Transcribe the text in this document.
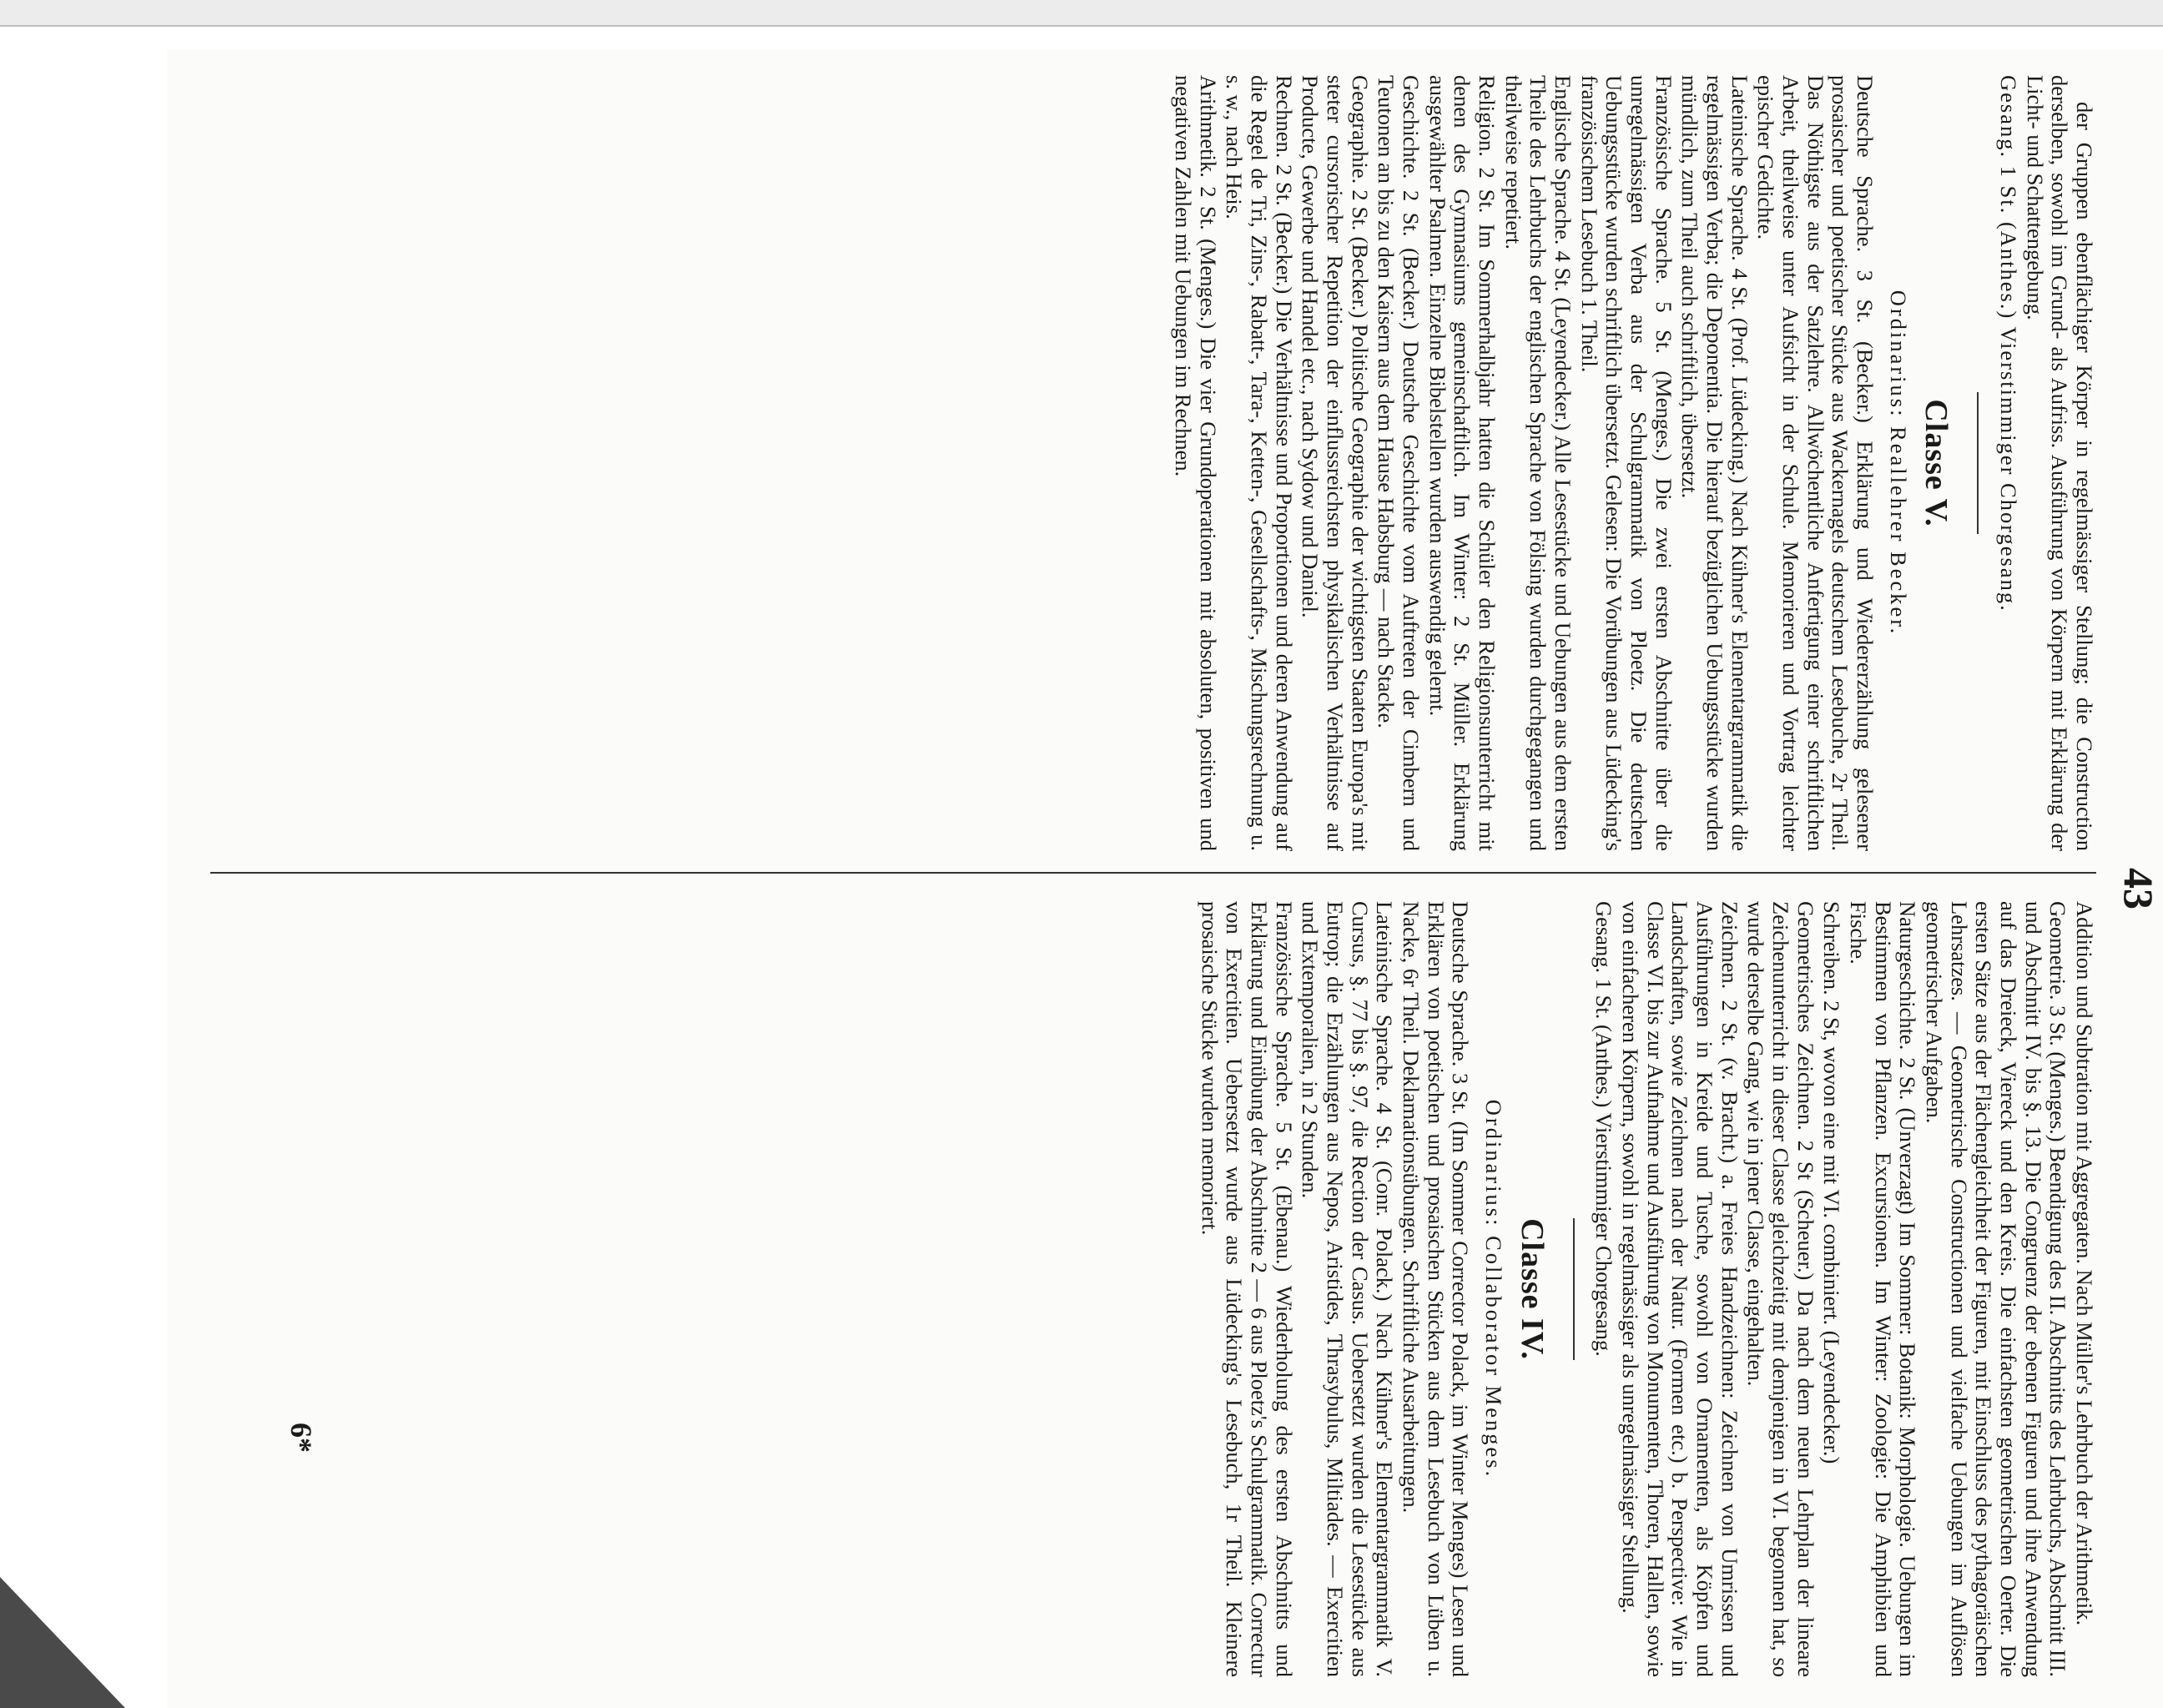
43

der Gruppen ebenflächiger Körper in regelmässiger Stellung; die Construction derselben, sowohl im Grund- als Aufriss. Ausführung von Körpern mit Erklärung der Licht- und Schattengebung.

Gesang. 1 St. (Anthes.) Vierstimmiger Chorgesang.

Classe V.
Ordinarius: Reallehrer Becker.

Deutsche Sprache. 3 St. (Becker.) Erklärung und Wiedererzählung gelesener prosaischer und poetischer Stücke aus Wackernagels deutschem Lesebuche, 2r Theil. Das Nöthigste aus der Satzlehre. Allwöchentliche Anfertigung einer schriftlichen Arbeit, theilweise unter Aufsicht in der Schule. Memorieren und Vortrag leichter epischer Gedichte.

Lateinische Sprache. 4 St. (Prof. Lüdecking.) Nach Kühner's Elementargrammatik die regelmässigen Verba; die Deponentia. Die hierauf bezüglichen Uebungsstücke wurden mündlich, zum Theil auch schriftlich, übersetzt.

Französische Sprache. 5 St. (Menges.) Die zwei ersten Abschnitte über die unregelmässigen Verba aus der Schulgrammatik von Ploetz. Die deutschen Uebungsstücke wurden schriftlich übersetzt. Gelesen: Die Vorübungen aus Lüdecking's französischem Lesebuch 1. Theil.

Englische Sprache. 4 St. (Leyendecker.) Alle Lesestücke und Uebungen aus dem ersten Theile des Lehrbuchs der englischen Sprache von Fölsing wurden durchgegangen und theilweise repetiert.

Religion. 2 St. Im Sommerhalbjahr hatten die Schüler den Religionsunterricht mit denen des Gymnasiums gemeinschaftlich. Im Winter: 2 St. Müller. Erklärung ausgewählter Psalmen. Einzelne Bibelstellen wurden auswendig gelernt.

Geschichte. 2 St. (Becker.) Deutsche Geschichte vom Auftreten der Cimbern und Teutonen an bis zu den Kaisern aus dem Hause Habsburg — nach Stacke.

Geographie. 2 St. (Becker.) Politische Geographie der wichtigsten Staaten Europa's mit steter cursorischer Repetition der einflussreichsten physikalischen Verhältnisse auf Producte, Gewerbe und Handel etc., nach Sydow und Daniel.

Rechnen. 2 St. (Becker.) Die Verhältnisse und Proportionen und deren Anwendung auf die Regel de Tri, Zins-, Rabatt-, Tara-, Ketten-, Gesellschafts-, Mischungsrechnung u. s. w., nach Heis.

Arithmetik. 2 St. (Menges.) Die vier Grundoperationen mit absoluten, positiven und negativen Zahlen mit Uebungen im Rechnen.

Addition und Subtration mit Aggregaten. Nach Müller's Lehrbuch der Arithmetik.

Geometrie. 3 St. (Menges.) Beendigung des II. Abschnitts des Lehrbuchs, Abschnitt III. und Abschnitt IV. bis §. 13. Die Congruenz der ebenen Figuren und ihre Anwendung auf das Dreieck, Viereck und den Kreis. Die einfachsten geometrischen Oerter. Die ersten Sätze aus der Flächengleichheit der Figuren, mit Einschluss des pythagoräischen Lehrsatzes. — Geometrische Constructionen und vielfache Uebungen im Auflösen geometrischer Aufgaben.

Naturgeschichte. 2 St. (Unverzagt) Im Sommer: Botanik: Morphologie. Uebungen im Bestimmen von Pflanzen. Excursionen. Im Winter: Zoologie: Die Amphibien und Fische.

Schreiben. 2 St, wovon eine mit VI. combiniert. (Leyendecker.)

Geometrisches Zeichnen. 2 St (Scheuer.) Da nach dem neuen Lehrplan der lineare Zeichenunterricht in dieser Classe gleichzeitig mit demjenigen in VI. begonnen hat, so wurde derselbe Gang, wie in jener Classe, eingehalten.

Zeichnen. 2 St. (v. Bracht.) a. Freies Handzeichnen: Zeichnen von Umrissen und Ausführungen in Kreide und Tusche, sowohl von Ornamenten, als Köpfen und Landschaften, sowie Zeichnen nach der Natur. (Formen etc.) b. Perspective: Wie in Classe VI. bis zur Aufnahme und Ausführung von Monumenten, Thoren, Hallen, sowie von einfacheren Körpern, sowohl in regelmässiger als unregelmässiger Stellung.

Gesang. 1 St. (Anthes.) Vierstimmiger Chorgesang.

Classe IV.
Ordinarius: Collaborator Menges.

Deutsche Sprache. 3 St. (Im Sommer Corrector Polack, im Winter Menges) Lesen und Erklären von poetischen und prosaischen Stücken aus dem Lesebuch von Lüben u. Nacke, 6r Theil. Deklamationsübungen. Schriftliche Ausarbeitungen.

Lateinische Sprache. 4 St. (Conr. Polack.) Nach Kühner's Elementargrammatik V. Cursus, §. 77 bis §. 97, die Rection der Casus. Uebersetzt wurden die Lesestücke aus Eutrop; die Erzählungen aus Nepos, Aristides, Thrasybulus, Miltiades. — Exercitien und Extemporalien, in 2 Stunden.

Französische Sprache. 5 St. (Ebenau.) Wiederholung des ersten Abschnitts und Erklärung und Einübung der Abschnitte 2 — 6 aus Ploetz's Schulgrammatik. Correctur von Exercitien. Uebersetzt wurde aus Lüdecking's Lesebuch, 1r Theil. Kleinere prosaische Stücke wurden memoriert.

6*
